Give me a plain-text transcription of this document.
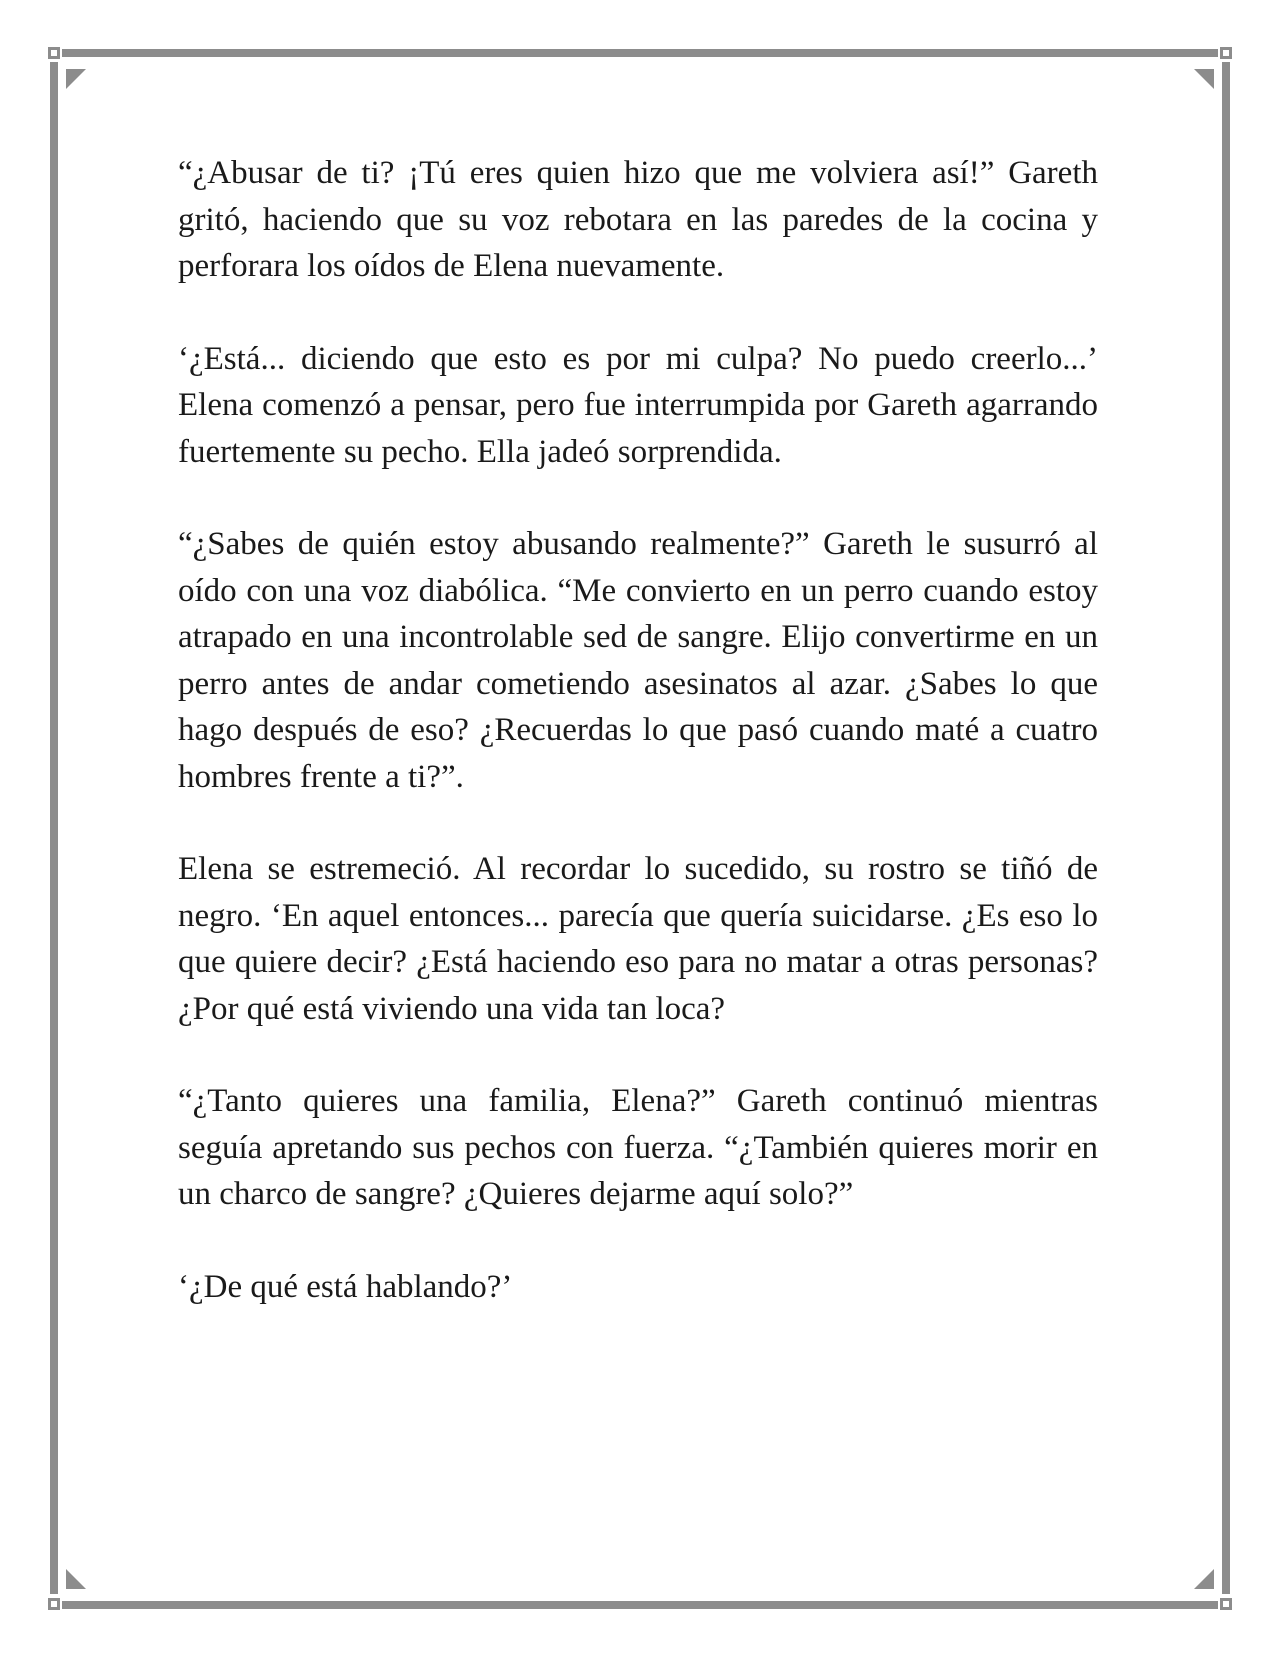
“¿Abusar de ti? ¡Tú eres quien hizo que me volviera así!” Gareth gritó, haciendo que su voz rebotara en las paredes de la cocina y perforara los oídos de Elena nuevamente.

‘¿Está... diciendo que esto es por mi culpa? No puedo creerlo...’ Elena comenzó a pensar, pero fue interrumpida por Gareth agarrando fuertemente su pecho. Ella jadeó sorprendida.

“¿Sabes de quién estoy abusando realmente?” Gareth le susurró al oído con una voz diabólica. “Me convierto en un perro cuando estoy atrapado en una incontrolable sed de sangre. Elijo convertirme en un perro antes de andar cometiendo asesinatos al azar. ¿Sabes lo que hago después de eso? ¿Recuerdas lo que pasó cuando maté a cuatro hombres frente a ti?”.

Elena se estremeció. Al recordar lo sucedido, su rostro se tiñó de negro. ‘En aquel entonces... parecía que quería suicidarse. ¿Es eso lo que quiere decir? ¿Está haciendo eso para no matar a otras personas? ¿Por qué está viviendo una vida tan loca?

“¿Tanto quieres una familia, Elena?” Gareth continuó mientras seguía apretando sus pechos con fuerza. “¿También quieres morir en un charco de sangre? ¿Quieres dejarme aquí solo?”

‘¿De qué está hablando?’
